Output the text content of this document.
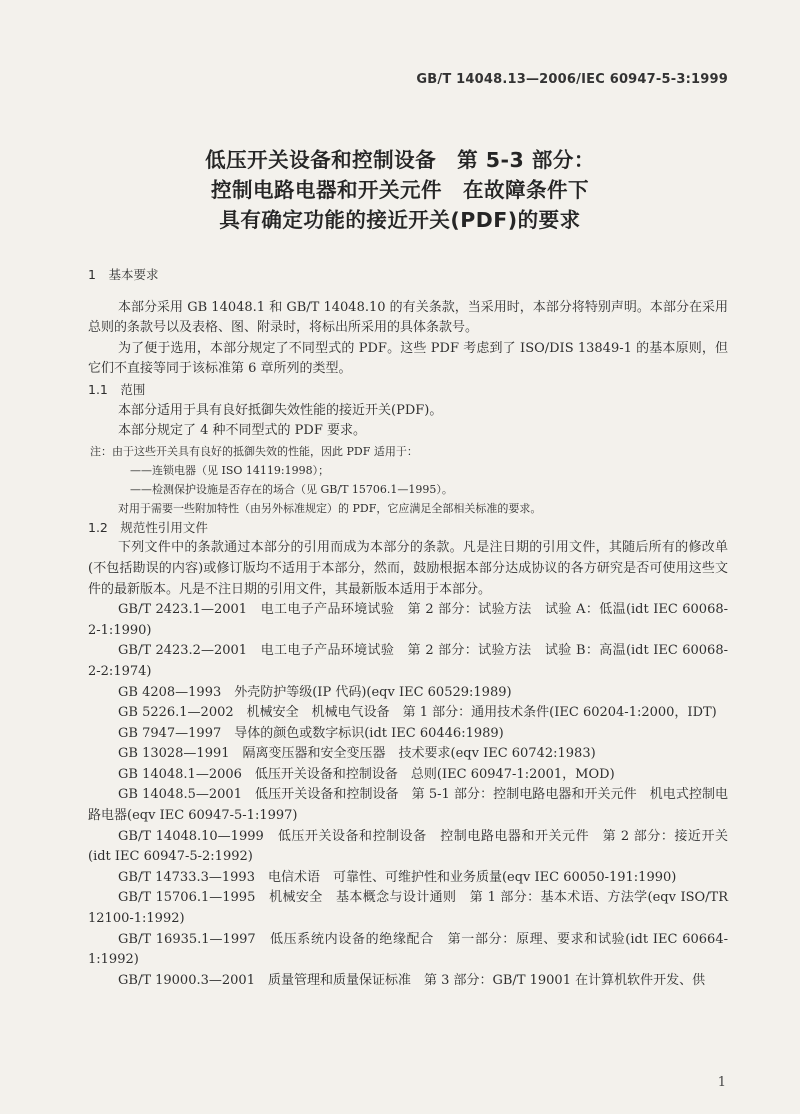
GB/T 14048.13—2006/IEC 60947-5-3:1999
低压开关设备和控制设备　第 5-3 部分：
控制电路电器和开关元件　在故障条件下
具有确定功能的接近开关(PDF)的要求

1　基本要求

本部分采用 GB 14048.1 和 GB/T 14048.10 的有关条款，当采用时，本部分将特别声明。本部分在采用总则的条款号以及表格、图、附录时，将标出所采用的具体条款号。

为了便于选用，本部分规定了不同型式的 PDF。这些 PDF 考虑到了 ISO/DIS 13849-1 的基本原则，但它们不直接等同于该标准第 6 章所列的类型。

1.1　范围

本部分适用于具有良好抵御失效性能的接近开关(PDF)。

本部分规定了 4 种不同型式的 PDF 要求。

注：由于这些开关具有良好的抵御失效的性能，因此 PDF 适用于：

——连锁电器（见 ISO 14119:1998）；

——检测保护设施是否存在的场合（见 GB/T 15706.1—1995）。

对用于需要一些附加特性（由另外标准规定）的 PDF，它应满足全部相关标准的要求。

1.2　规范性引用文件

下列文件中的条款通过本部分的引用而成为本部分的条款。凡是注日期的引用文件，其随后所有的修改单(不包括勘误的内容)或修订版均不适用于本部分，然而，鼓励根据本部分达成协议的各方研究是否可使用这些文件的最新版本。凡是不注日期的引用文件，其最新版本适用于本部分。

GB/T 2423.1—2001　电工电子产品环境试验　第 2 部分：试验方法　试验 A：低温(idt IEC 60068-2-1:1990)

GB/T 2423.2—2001　电工电子产品环境试验　第 2 部分：试验方法　试验 B：高温(idt IEC 60068-2-2:1974)

GB 4208—1993　外壳防护等级(IP 代码)(eqv IEC 60529:1989)

GB 5226.1—2002　机械安全　机械电气设备　第 1 部分：通用技术条件(IEC 60204-1:2000，IDT)

GB 7947—1997　导体的颜色或数字标识(idt IEC 60446:1989)

GB 13028—1991　隔离变压器和安全变压器　技术要求(eqv IEC 60742:1983)

GB 14048.1—2006　低压开关设备和控制设备　总则(IEC 60947-1:2001，MOD)

GB 14048.5—2001　低压开关设备和控制设备　第 5-1 部分：控制电路电器和开关元件　机电式控制电路电器(eqv IEC 60947-5-1:1997)

GB/T 14048.10—1999　低压开关设备和控制设备　控制电路电器和开关元件　第 2 部分：接近开关(idt IEC 60947-5-2:1992)

GB/T 14733.3—1993　电信术语　可靠性、可维护性和业务质量(eqv IEC 60050-191:1990)

GB/T 15706.1—1995　机械安全　基本概念与设计通则　第 1 部分：基本术语、方法学(eqv ISO/TR 12100-1:1992)

GB/T 16935.1—1997　低压系统内设备的绝缘配合　第一部分：原理、要求和试验(idt IEC 60664-1:1992)

GB/T 19000.3—2001　质量管理和质量保证标准　第 3 部分：GB/T 19001 在计算机软件开发、供

1
